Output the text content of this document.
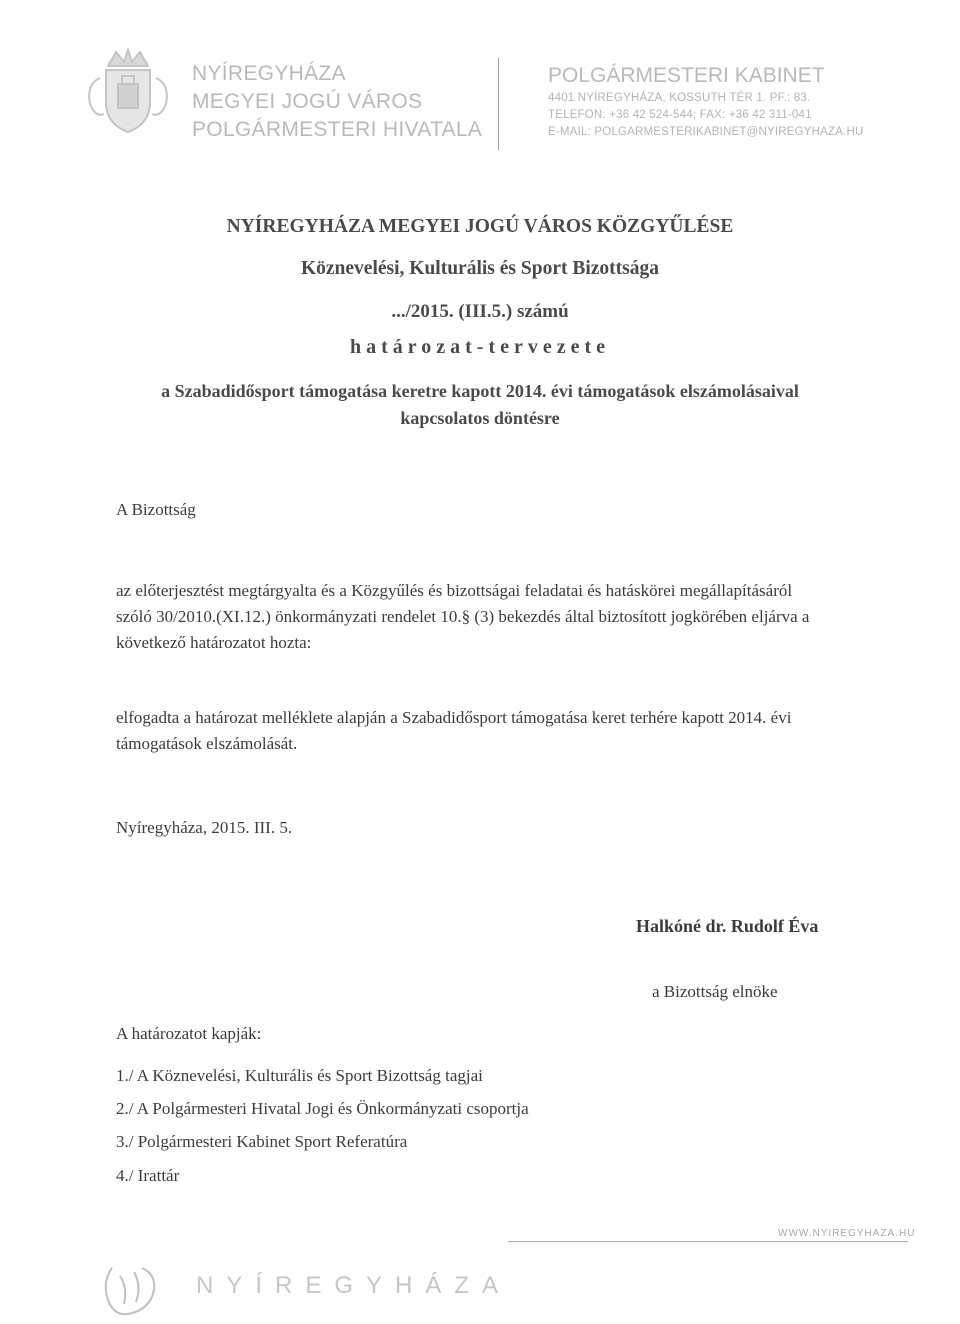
NYÍREGYHÁZA
MEGYEI JOGÚ VÁROS
POLGÁRMESTERI HIVATALA
POLGÁRMESTERI KABINET
4401 NYÍREGYHÁZA, KOSSUTH TÉR 1. PF.: 83.
TELEFON: +36 42 524-544; FAX: +36 42 311-041
E-MAIL: POLGARMESTERIKABINET@NYIREGYHAZA.HU
NYÍREGYHÁZA MEGYEI JOGÚ VÁROS KÖZGYŰLÉSE
Köznevelési, Kulturális és Sport Bizottsága
.../2015. (III.5.) számú
határozat-tervezete
a Szabadidősport támogatása keretre kapott 2014. évi támogatások elszámolásaival
kapcsolatos döntésre
A Bizottság
az előterjesztést megtárgyalta és a Közgyűlés és bizottságai feladatai és hatáskörei megállapításáról
szóló 30/2010.(XI.12.) önkormányzati rendelet 10.§ (3) bekezdés által biztosított jogkörében eljárva a
következő határozatot hozta:
elfogadta a határozat melléklete alapján a Szabadidősport támogatása keret terhére kapott 2014. évi
támogatások elszámolását.
Nyíregyháza, 2015. III. 5.
Halkóné dr. Rudolf Éva
a Bizottság elnöke
A határozatot kapják:
1./ A Köznevelési, Kulturális és Sport Bizottság tagjai
2./ A Polgármesteri Hivatal Jogi és Önkormányzati csoportja
3./ Polgármesteri Kabinet Sport Referatúra
4./ Irattár
WWW.NYIREGYHAZA.HU
NYÍREGYHÁZA
